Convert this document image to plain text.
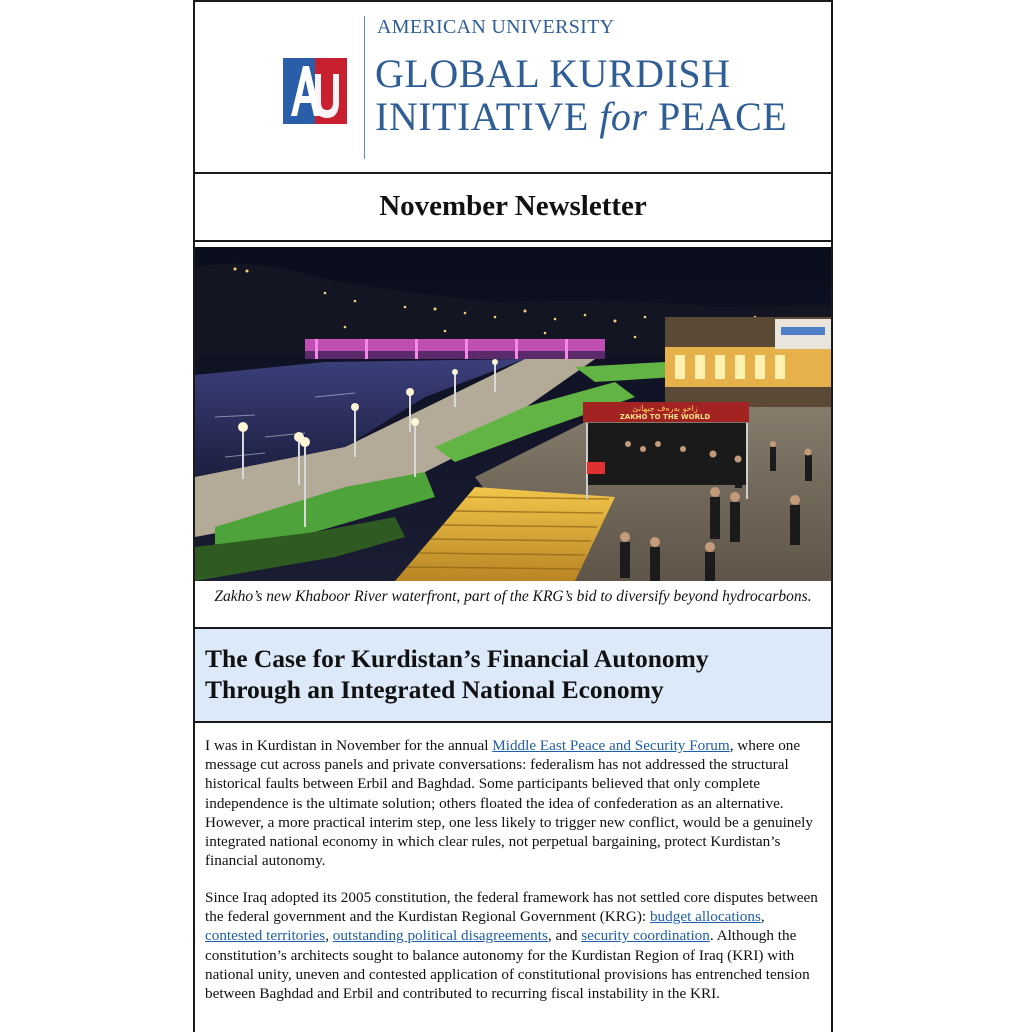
AMERICAN UNIVERSITY
GLOBAL KURDISH
INITIATIVE for PEACE
November Newsletter
زاخو بەرەف جیهانێ
ZAKHO TO THE WORLD
Zakho’s new Khaboor River waterfront, part of the KRG’s bid to diversify beyond hydrocarbons.
The Case for Kurdistan’s Financial Autonomy Through an Integrated National Economy

I was in Kurdistan in November for the annual Middle East Peace and Security Forum, where one message cut across panels and private conversations: federalism has not addressed the structural historical faults between Erbil and Baghdad. Some participants believed that only complete independence is the ultimate solution; others floated the idea of confederation as an alternative. However, a more practical interim step, one less likely to trigger new conflict, would be a genuinely integrated national economy in which clear rules, not perpetual bargaining, protect Kurdistan’s financial autonomy.

Since Iraq adopted its 2005 constitution, the federal framework has not settled core disputes between the federal government and the Kurdistan Regional Government (KRG): budget allocations, contested territories, outstanding political disagreements, and security coordination. Although the constitution’s architects sought to balance autonomy for the Kurdistan Region of Iraq (KRI) with national unity, uneven and contested application of constitutional provisions has entrenched tension between Baghdad and Erbil and contributed to recurring fiscal instability in the KRI.
